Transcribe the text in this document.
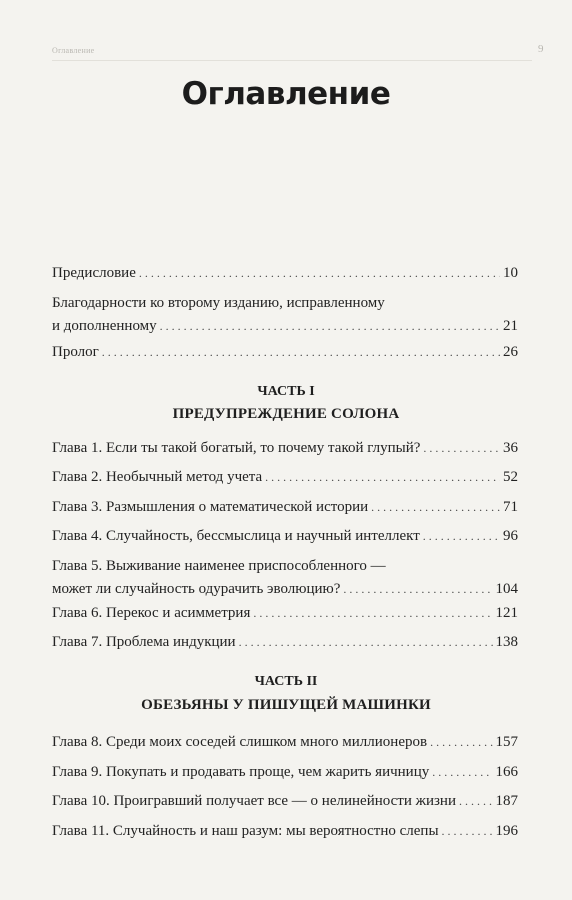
Оглавление	9
Оглавление
Предисловие . . .	10
Благодарности ко второму изданию, исправленному
и дополненному . . .	21
Пролог . . .	26
ЧАСТЬ I
ПРЕДУПРЕЖДЕНИЕ СОЛОНА
Глава 1. Если ты такой богатый, то почему такой глупый? . . .	36
Глава 2. Необычный метод учета . . .	52
Глава 3. Размышления о математической истории . . .	71
Глава 4. Случайность, бессмыслица и научный интеллект . . .	96
Глава 5. Выживание наименее приспособленного —
может ли случайность одурачить эволюцию? . . .	104
Глава 6. Перекос и асимметрия . . .	121
Глава 7. Проблема индукции . . .	138
ЧАСТЬ II
ОБЕЗЬЯНЫ У ПИШУЩЕЙ МАШИНКИ
Глава 8. Среди моих соседей слишком много миллионеров . . .	157
Глава 9. Покупать и продавать проще, чем жарить яичницу . . .	166
Глава 10. Проигравший получает все — о нелинейности жизни . . .	187
Глава 11. Случайность и наш разум: мы вероятностно слепы . . .	196
